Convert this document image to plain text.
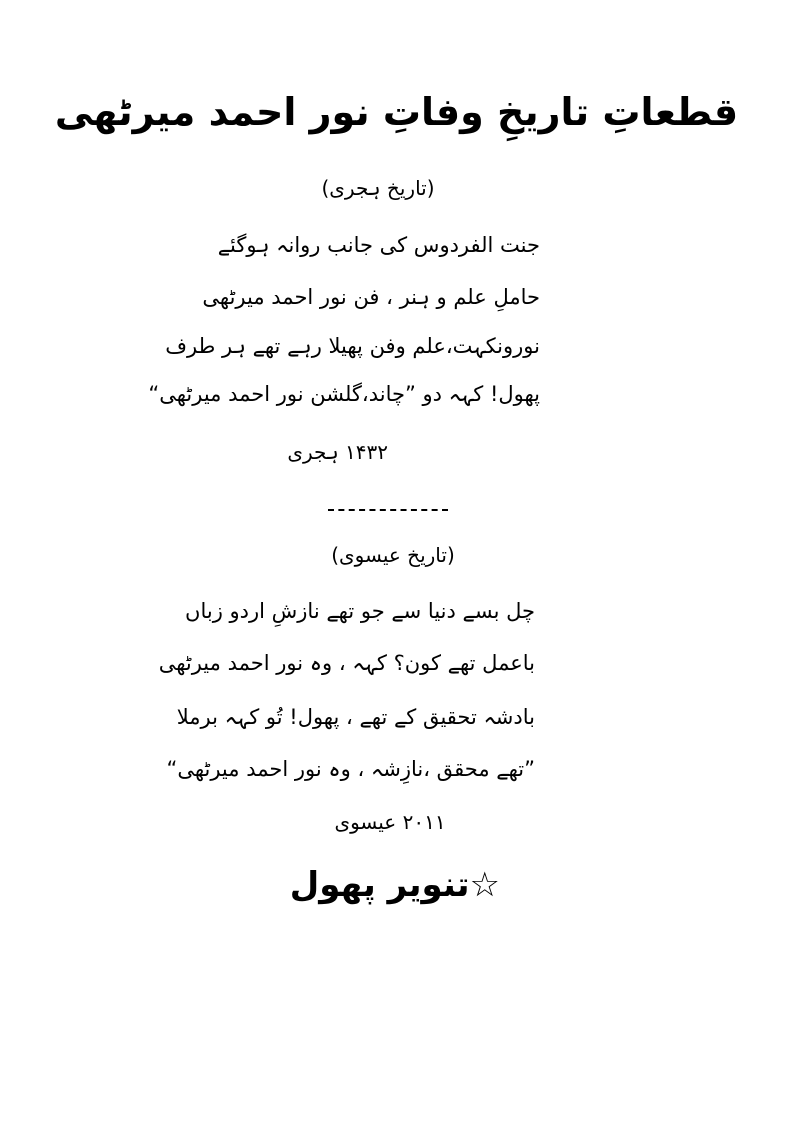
قطعاتِ تاریخِ وفاتِ نور احمد میرٹھی
(تاریخ ہجری)
جنت الفردوس کی جانب روانہ ہوگئے
حاملِ علم و ہنر ، فن نور احمد میرٹھی
نورونکہت،علم وفن پھیلا رہے تھے ہر طرف
پھول! کہہ دو ”چاند،گلشن نور احمد میرٹھی“
۱۴۳۲ ہجری
(تاریخ عیسوی)
چل بسے دنیا سے جو تھے نازشِ اردو زباں
باعمل تھے کون؟ کہہ ، وہ نور احمد میرٹھی
بادشہ تحقیق کے تھے ، پھول! تُو کہہ برملا
”تھے محقق ،نازِشہ ، وہ نور احمد میرٹھی“
۲۰۱۱ عیسوی
☆تنویر پھول
